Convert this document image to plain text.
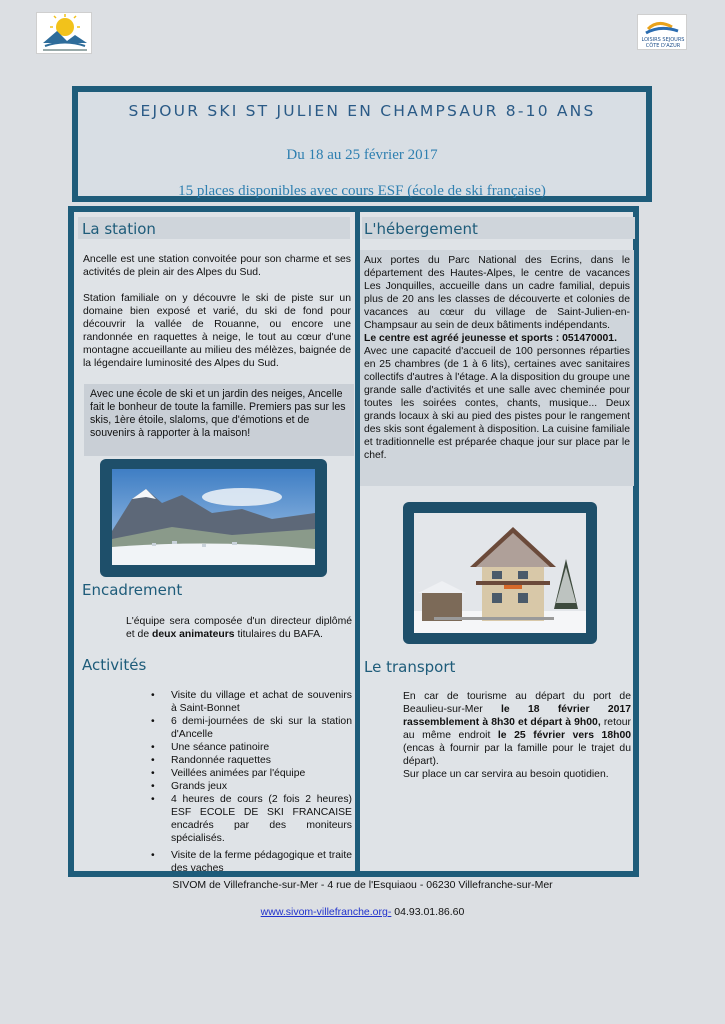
LOISIRS SEJOURS
CÔTE D'AZUR
SEJOUR SKI ST JULIEN EN CHAMPSAUR 8-10 ANS
Du 18 au 25 février 2017
15 places disponibles avec cours ESF (école de ski française)
La station

Ancelle est une station convoitée pour son charme et ses activités de plein air des Alpes du Sud.

Station familiale on y découvre le ski de piste sur un domaine bien exposé et varié, du ski de fond pour découvrir la vallée de Rouanne, ou encore une randonnée en raquettes à neige, le tout au cœur d'une montagne accueillante au milieu des mélèzes, baignée de la légendaire luminosité des Alpes du Sud.

Avec une école de ski et un jardin des neiges, Ancelle fait le bonheur de toute la famille. Premiers pas sur les skis, 1ère étoile, slaloms, que d'émotions et de souvenirs à rapporter à la maison!
Encadrement
L'équipe sera composée d'un directeur diplômé et de deux animateurs titulaires du BAFA.
Activités
• Visite du village et achat de souvenirs à Saint-Bonnet
• 6 demi-journées de ski sur la station d'Ancelle
• Une séance patinoire
• Randonnée raquettes
• Veillées animées par l'équipe
• Grands jeux
• 4 heures de cours (2 fois 2 heures) ESF ECOLE DE SKI FRANCAISE encadrés par des moniteurs spécialisés.
• Visite de la ferme pédagogique et traite des vaches
L'hébergement
Aux portes du Parc National des Ecrins, dans le département des Hautes-Alpes, le centre de vacances Les Jonquilles, accueille dans un cadre familial, depuis plus de 20 ans les classes de découverte et colonies de vacances au cœur du village de Saint-Julien-en-Champsaur au sein de deux bâtiments indépendants.
Le centre est agréé jeunesse et sports : 051470001.
Avec une capacité d'accueil de 100 personnes réparties en 25 chambres (de 1 à 6 lits), certaines avec sanitaires collectifs d'autres à l'étage. A la disposition du groupe une grande salle d'activités et une salle avec cheminée pour toutes les soirées contes, chants, musique... Deux grands locaux à ski au pied des pistes pour le rangement des skis sont également à disposition. La cuisine familiale et traditionnelle est préparée chaque jour sur place par le chef.
Le transport
En car de tourisme au départ du port de Beaulieu-sur-Mer le 18 février 2017 rassemblement à 8h30 et départ à 9h00, retour au même endroit le 25 février vers 18h00 (encas à fournir par la famille pour le trajet du départ).
Sur place un car servira au besoin quotidien.
SIVOM de Villefranche-sur-Mer - 4 rue de l'Esquiaou - 06230 Villefranche-sur-Mer
www.sivom-villefranche.org- 04.93.01.86.60
